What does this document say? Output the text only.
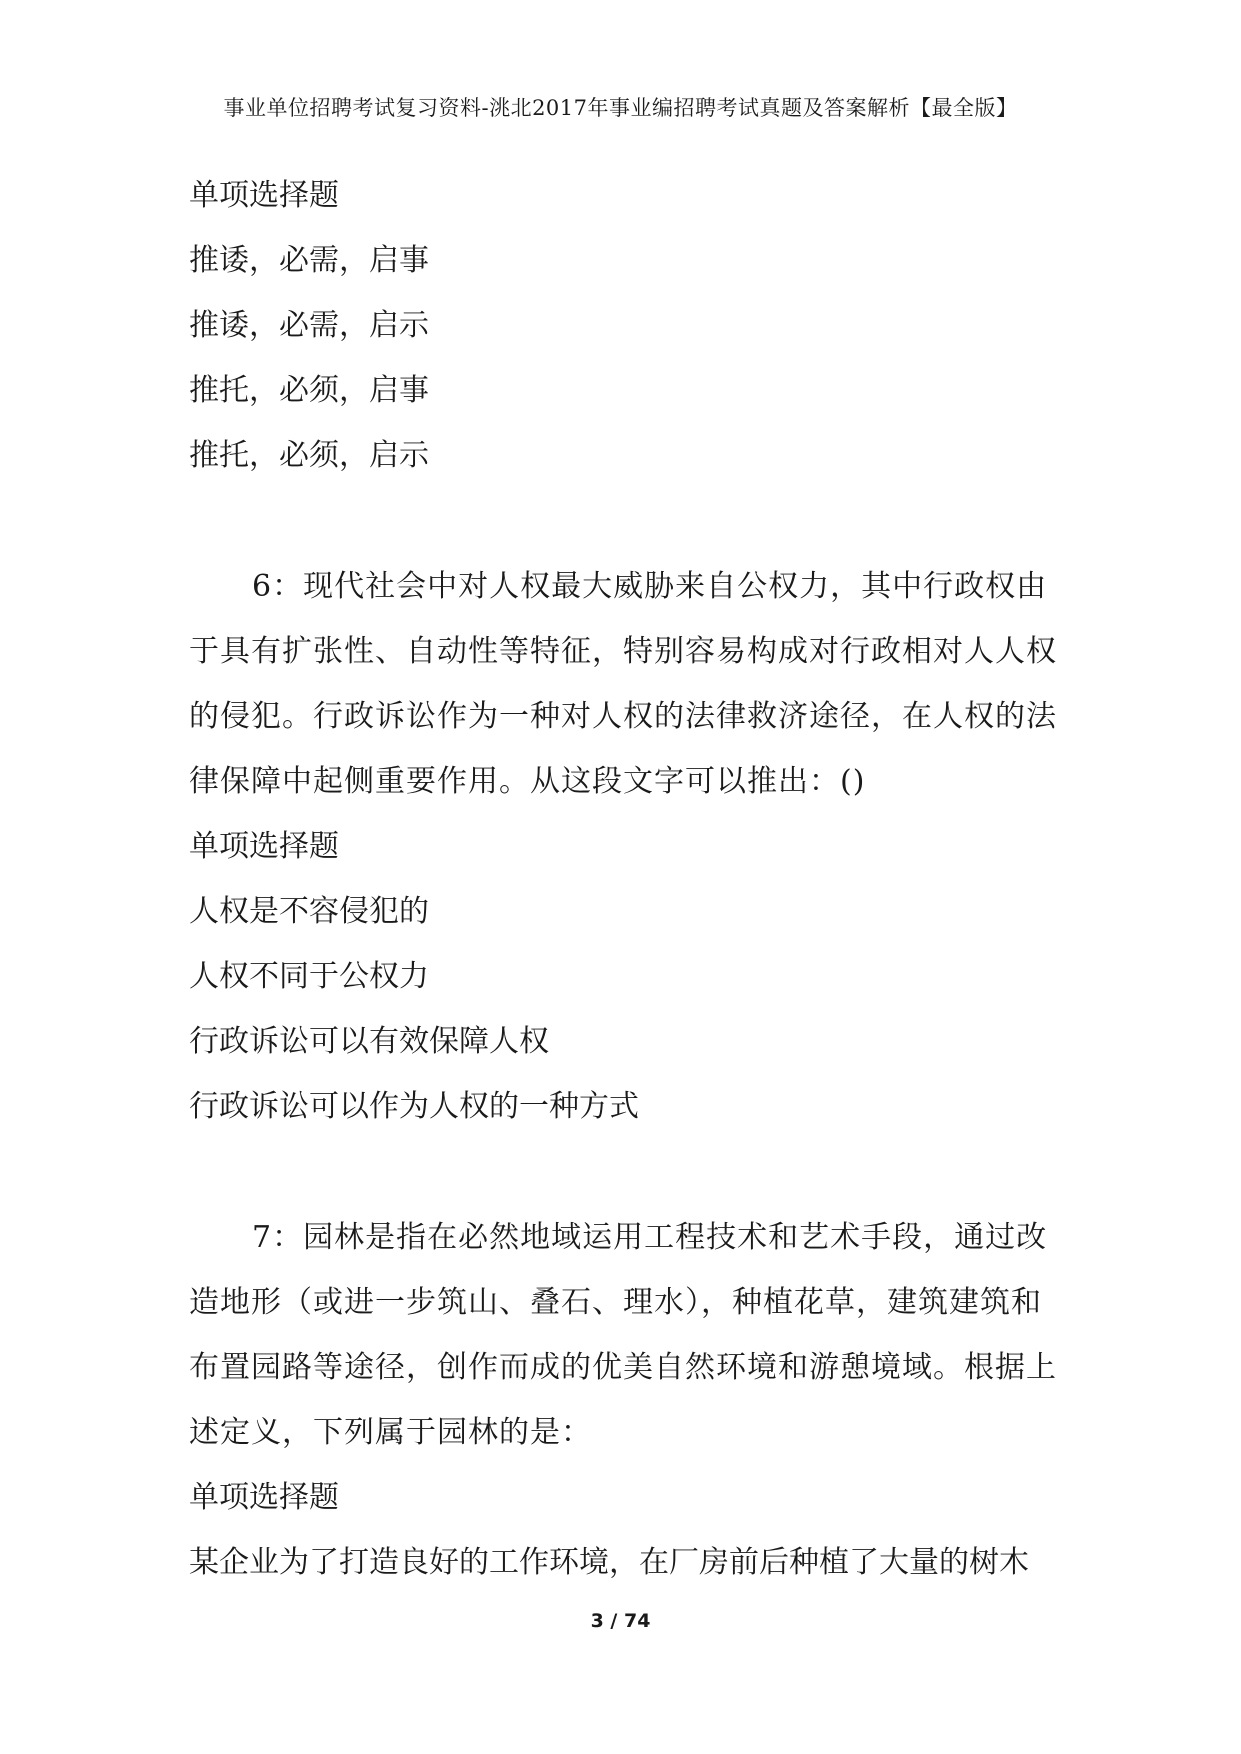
事业单位招聘考试复习资料-洮北2017年事业编招聘考试真题及答案解析【最全版】
单项选择题
推诿，必需，启事
推诿，必需，启示
推托，必须，启事
推托，必须，启示
6：现代社会中对人权最大威胁来自公权力，其中行政权由于具有扩张性、自动性等特征，特别容易构成对行政相对人人权的侵犯。行政诉讼作为一种对人权的法律救济途径，在人权的法律保障中起侧重要作用。从这段文字可以推出：()
单项选择题
人权是不容侵犯的
人权不同于公权力
行政诉讼可以有效保障人权
行政诉讼可以作为人权的一种方式
7：园林是指在必然地域运用工程技术和艺术手段，通过改造地形（或进一步筑山、叠石、理水），种植花草，建筑建筑和布置园路等途径，创作而成的优美自然环境和游憩境域。根据上述定义，下列属于园林的是：
单项选择题
某企业为了打造良好的工作环境，在厂房前后种植了大量的树木
3 / 74
